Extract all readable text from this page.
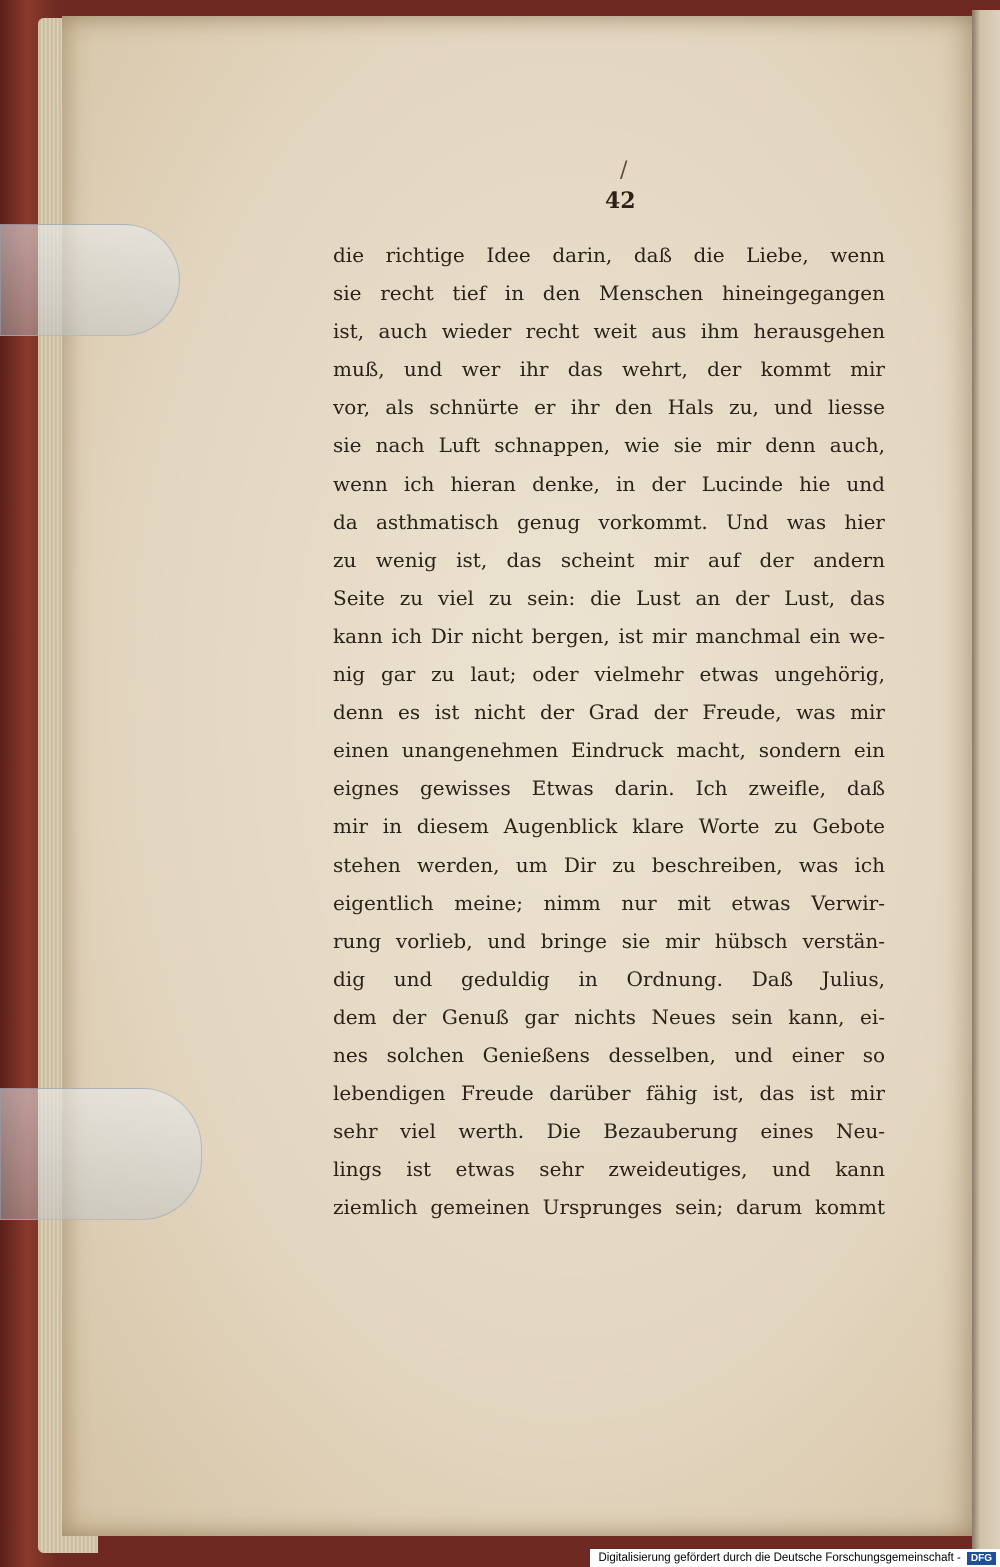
/
42
die richtige Idee darin, daß die Liebe, wenn
sie recht tief in den Menschen hineingegangen
ist, auch wieder recht weit aus ihm herausgehen
muß, und wer ihr das wehrt, der kommt mir
vor, als schnürte er ihr den Hals zu, und liesse
sie nach Luft schnappen, wie sie mir denn auch,
wenn ich hieran denke, in der Lucinde hie und
da asthmatisch genug vorkommt. Und was hier
zu wenig ist, das scheint mir auf der andern
Seite zu viel zu sein: die Lust an der Lust, das
kann ich Dir nicht bergen, ist mir manchmal ein we-
nig gar zu laut; oder vielmehr etwas ungehörig,
denn es ist nicht der Grad der Freude, was mir
einen unangenehmen Eindruck macht, sondern ein
eignes gewisses Etwas darin. Ich zweifle, daß
mir in diesem Augenblick klare Worte zu Gebote
stehen werden, um Dir zu beschreiben, was ich
eigentlich meine; nimm nur mit etwas Verwir-
rung vorlieb, und bringe sie mir hübsch verstän-
dig und geduldig in Ordnung. Daß Julius,
dem der Genuß gar nichts Neues sein kann, ei-
nes solchen Genießens desselben, und einer so
lebendigen Freude darüber fähig ist, das ist mir
sehr viel werth. Die Bezauberung eines Neu-
lings ist etwas sehr zweideutiges, und kann
ziemlich gemeinen Ursprunges sein; darum kommt
Digitalisierung gefördert durch die Deutsche Forschungsgemeinschaft -	DFG
